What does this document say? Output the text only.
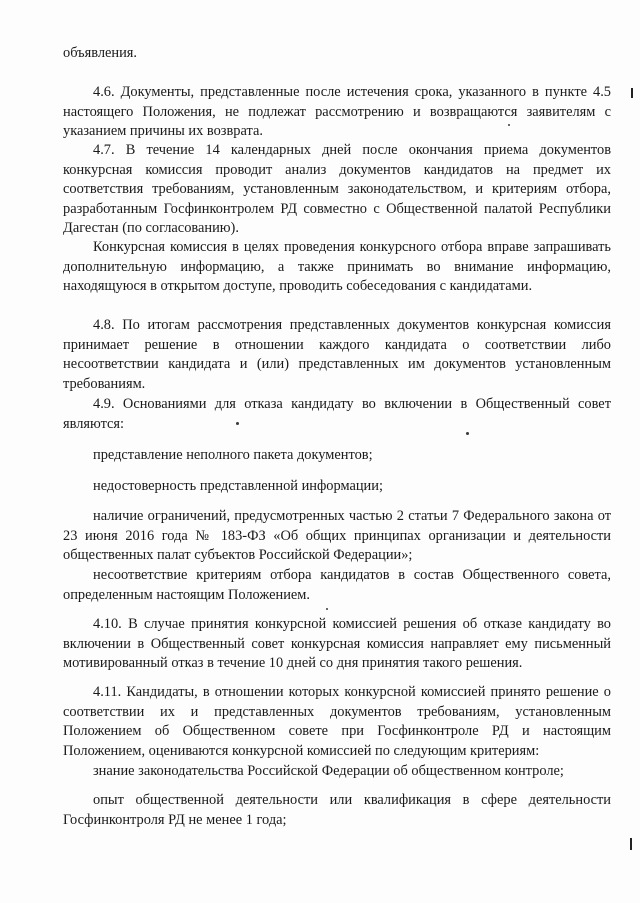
объявления.

4.6. Документы, представленные после истечения срока, указанного в пункте 4.5 настоящего Положения, не подлежат рассмотрению и возвращаются заявителям с указанием причины их возврата.

4.7. В течение 14 календарных дней после окончания приема документов конкурсная комиссия проводит анализ документов кандидатов на предмет их соответствия требованиям, установленным законодательством, и критериям отбора, разработанным Госфинконтролем РД совместно с Общественной палатой Республики Дагестан (по согласованию).

Конкурсная комиссия в целях проведения конкурсного отбора вправе запрашивать дополнительную информацию, а также принимать во внимание информацию, находящуюся в открытом доступе, проводить собеседования с кандидатами.

4.8. По итогам рассмотрения представленных документов конкурсная комиссия принимает решение в отношении каждого кандидата о соответствии либо несоответствии кандидата и (или) представленных им документов установленным требованиям.

4.9. Основаниями для отказа кандидату во включении в Общественный совет являются:

представление неполного пакета документов;

недостоверность представленной информации;

наличие ограничений, предусмотренных частью 2 статьи 7 Федерального закона от 23 июня 2016 года № 183-ФЗ «Об общих принципах организации и деятельности общественных палат субъектов Российской Федерации»;

несоответствие критериям отбора кандидатов в состав Общественного совета, определенным настоящим Положением.

4.10. В случае принятия конкурсной комиссией решения об отказе кандидату во включении в Общественный совет конкурсная комиссия направляет ему письменный мотивированный отказ в течение 10 дней со дня принятия такого решения.

4.11. Кандидаты, в отношении которых конкурсной комиссией принято решение о соответствии их и представленных документов требованиям, установленным Положением об Общественном совете при Госфинконтроле РД и настоящим Положением, оцениваются конкурсной комиссией по следующим критериям:

знание законодательства Российской Федерации об общественном контроле;

опыт общественной деятельности или квалификация в сфере деятельности Госфинконтроля РД не менее 1 года;
